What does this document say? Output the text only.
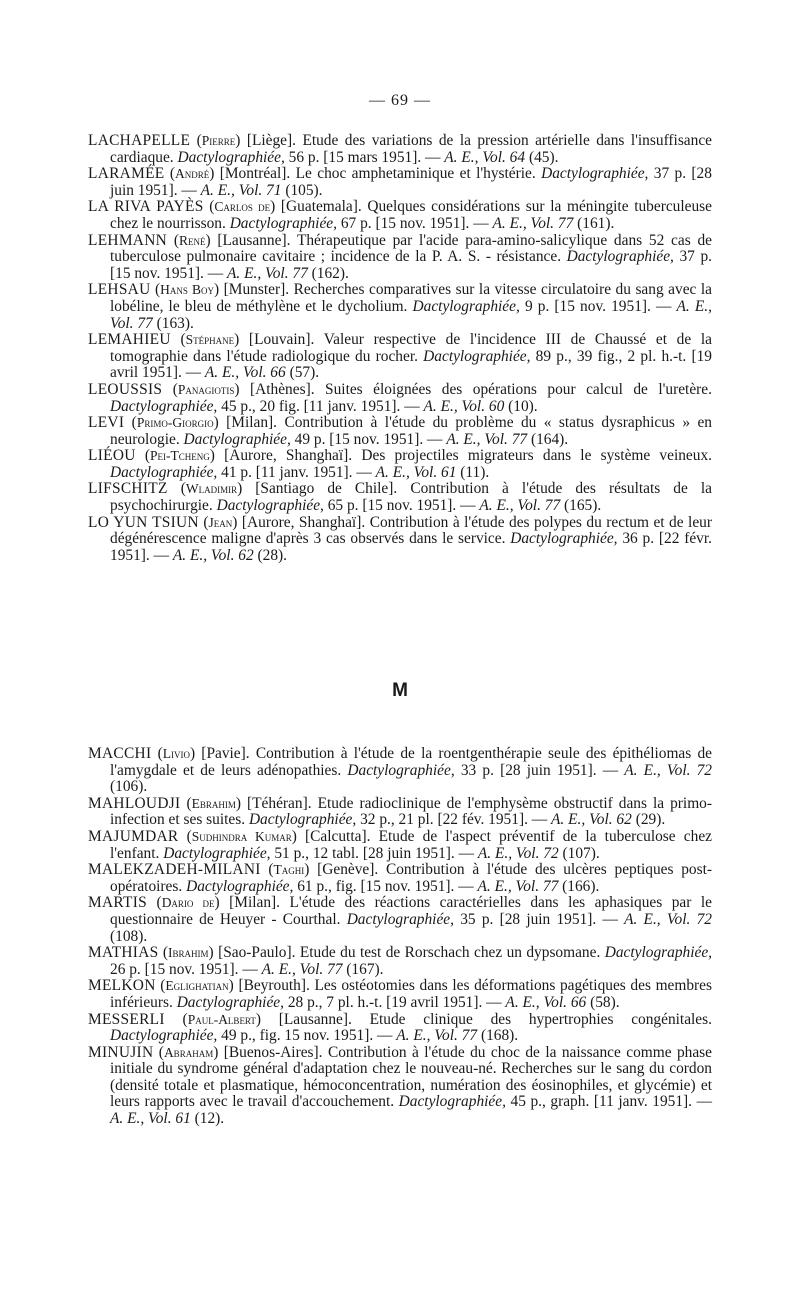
— 69 —

LACHAPELLE (Pierre) [Liège]. Etude des variations de la pression artérielle dans l'insuffisance cardiaque. Dactylographiée, 56 p. [15 mars 1951]. — A. E., Vol. 64 (45).

LARAMÉE (André) [Montréal]. Le choc amphetaminique et l'hystérie. Dactylographiée, 37 p. [28 juin 1951]. — A. E., Vol. 71 (105).

LA RIVA PAYÈS (Carlos de) [Guatemala]. Quelques considérations sur la méningite tuberculeuse chez le nourrisson. Dactylographiée, 67 p. [15 nov. 1951]. — A. E., Vol. 77 (161).

LEHMANN (René) [Lausanne]. Thérapeutique par l'acide para-amino-salicylique dans 52 cas de tuberculose pulmonaire cavitaire ; incidence de la P. A. S. - résistance. Dactylographiée, 37 p. [15 nov. 1951]. — A. E., Vol. 77 (162).

LEHSAU (Hans Boy) [Munster]. Recherches comparatives sur la vitesse circulatoire du sang avec la lobéline, le bleu de méthylène et le dycholium. Dactylographiée, 9 p. [15 nov. 1951]. — A. E., Vol. 77 (163).

LEMAHIEU (Stéphane) [Louvain]. Valeur respective de l'incidence III de Chaussé et de la tomographie dans l'étude radiologique du rocher. Dactylographiée, 89 p., 39 fig., 2 pl. h.-t. [19 avril 1951]. — A. E., Vol. 66 (57).

LEOUSSIS (Panagiotis) [Athènes]. Suites éloignées des opérations pour calcul de l'uretère. Dactylographiée, 45 p., 20 fig. [11 janv. 1951]. — A. E., Vol. 60 (10).

LEVI (Primo-Giorgio) [Milan]. Contribution à l'étude du problème du « status dysraphicus » en neurologie. Dactylographiée, 49 p. [15 nov. 1951]. — A. E., Vol. 77 (164).

LIÉOU (Pei-Tcheng) [Aurore, Shanghaï]. Des projectiles migrateurs dans le système veineux. Dactylographiée, 41 p. [11 janv. 1951]. — A. E., Vol. 61 (11).

LIFSCHITZ (Wladimir) [Santiago de Chile]. Contribution à l'étude des résultats de la psychochirurgie. Dactylographiée, 65 p. [15 nov. 1951]. — A. E., Vol. 77 (165).

LO YUN TSIUN (Jean) [Aurore, Shanghaï]. Contribution à l'étude des polypes du rectum et de leur dégénérescence maligne d'après 3 cas observés dans le service. Dactylographiée, 36 p. [22 févr. 1951]. — A. E., Vol. 62 (28).

M

MACCHI (Livio) [Pavie]. Contribution à l'étude de la roentgenthérapie seule des épithéliomas de l'amygdale et de leurs adénopathies. Dactylographiée, 33 p. [28 juin 1951]. — A. E., Vol. 72 (106).

MAHLOUDJI (Ebrahim) [Téhéran]. Etude radioclinique de l'emphysème obstructif dans la primo-infection et ses suites. Dactylographiée, 32 p., 21 pl. [22 fév. 1951]. — A. E., Vol. 62 (29).

MAJUMDAR (Sudhindra Kumar) [Calcutta]. Etude de l'aspect préventif de la tuberculose chez l'enfant. Dactylographiée, 51 p., 12 tabl. [28 juin 1951]. — A. E., Vol. 72 (107).

MALEKZADEH-MILANI (Taghi) [Genève]. Contribution à l'étude des ulcères peptiques post-opératoires. Dactylographiée, 61 p., fig. [15 nov. 1951]. — A. E., Vol. 77 (166).

MARTIS (Dario de) [Milan]. L'étude des réactions caractérielles dans les aphasiques par le questionnaire de Heuyer - Courthal. Dactylographiée, 35 p. [28 juin 1951]. — A. E., Vol. 72 (108).

MATHIAS (Ibrahim) [Sao-Paulo]. Etude du test de Rorschach chez un dypsomane. Dactylographiée, 26 p. [15 nov. 1951]. — A. E., Vol. 77 (167).

MELKON (Eglighatian) [Beyrouth]. Les ostéotomies dans les déformations pagétiques des membres inférieurs. Dactylographiée, 28 p., 7 pl. h.-t. [19 avril 1951]. — A. E., Vol. 66 (58).

MESSERLI (Paul-Albert) [Lausanne]. Etude clinique des hypertrophies congénitales. Dactylographiée, 49 p., fig. 15 nov. 1951]. — A. E., Vol. 77 (168).

MINUJIN (Abraham) [Buenos-Aires]. Contribution à l'étude du choc de la naissance comme phase initiale du syndrome général d'adaptation chez le nouveau-né. Recherches sur le sang du cordon (densité totale et plasmatique, hémoconcentration, numération des éosinophiles, et glycémie) et leurs rapports avec le travail d'accouchement. Dactylographiée, 45 p., graph. [11 janv. 1951]. — A. E., Vol. 61 (12).
